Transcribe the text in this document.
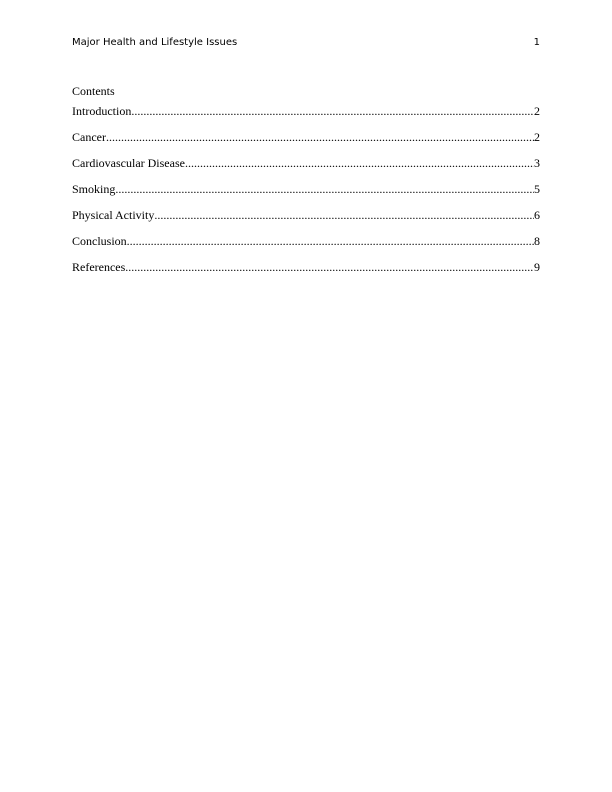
Major Health and Lifestyle Issues	1
Contents
Introduction .....	2
Cancer .....	2
Cardiovascular Disease .....	3
Smoking .....	5
Physical Activity .....	6
Conclusion .....	8
References .....	9
